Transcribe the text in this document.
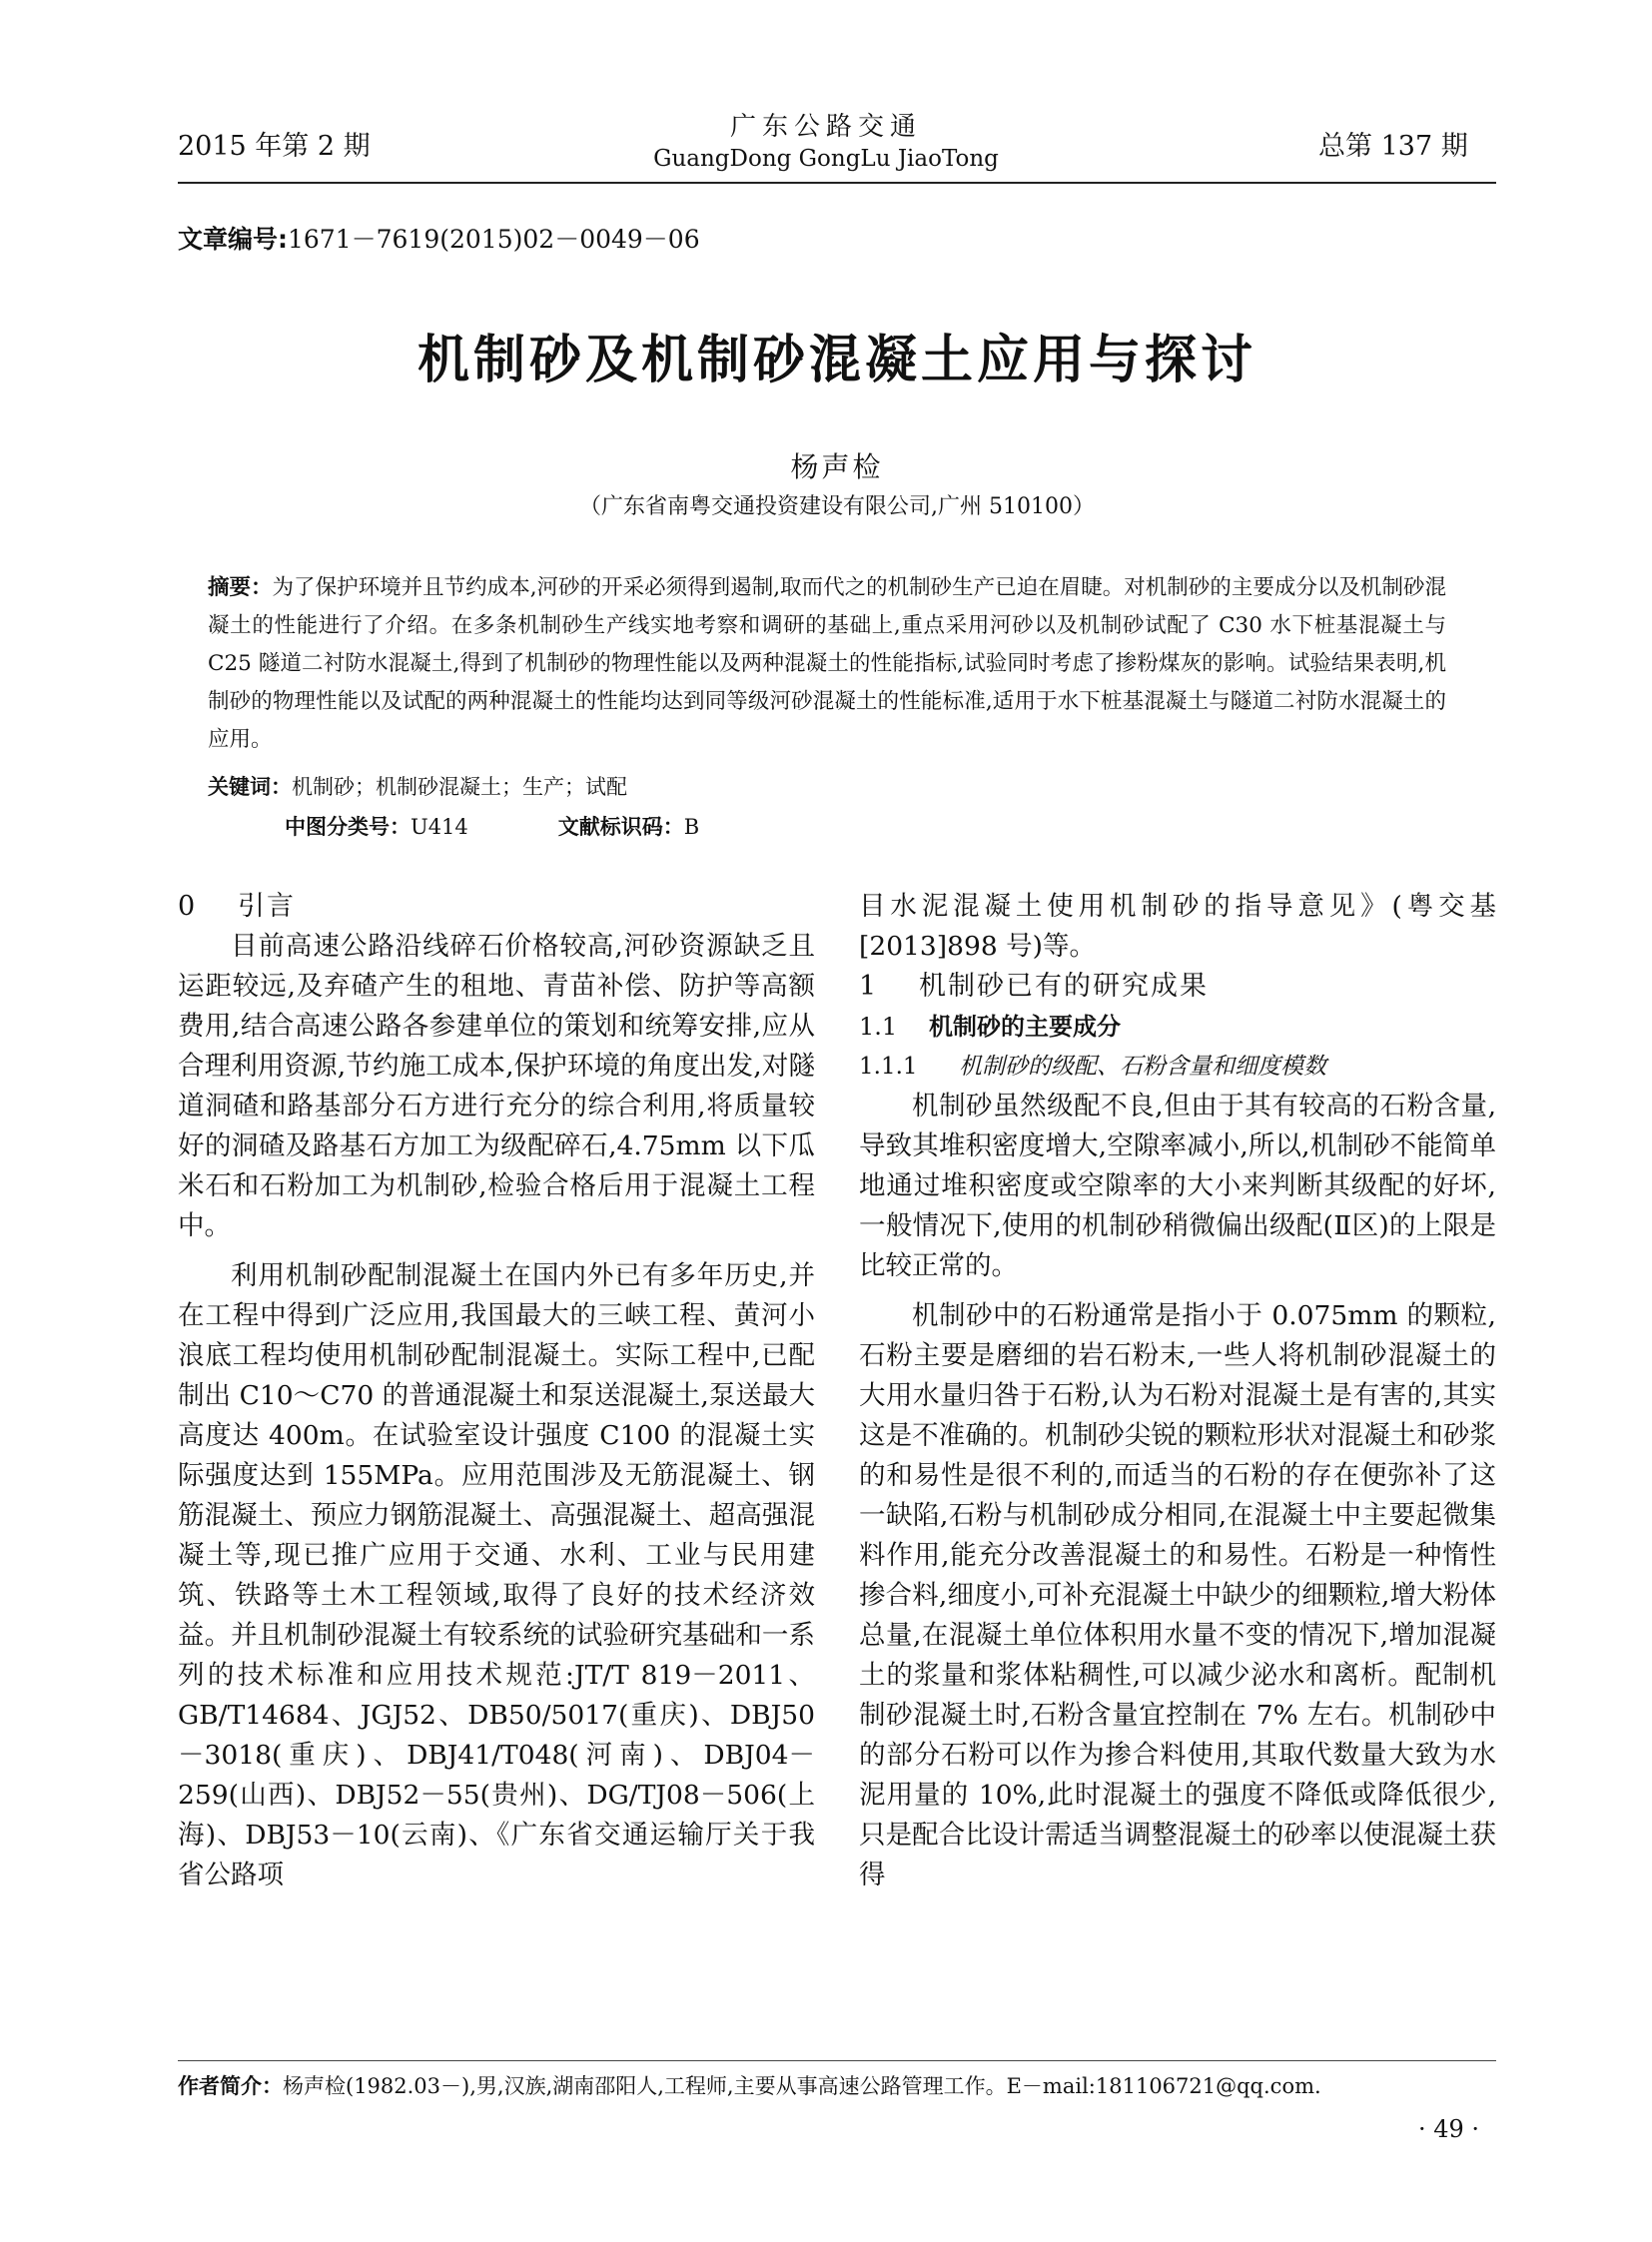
2015 年第 2 期
广东公路交通
GuangDong GongLu JiaoTong	总第 137 期
文章编号:1671－7619(2015)02－0049－06
机制砂及机制砂混凝土应用与探讨
杨声检
（广东省南粤交通投资建设有限公司,广州 510100）
摘要：为了保护环境并且节约成本,河砂的开采必须得到遏制,取而代之的机制砂生产已迫在眉睫。对机制砂的主要成分以及机制砂混凝土的性能进行了介绍。在多条机制砂生产线实地考察和调研的基础上,重点采用河砂以及机制砂试配了 C30 水下桩基混凝土与 C25 隧道二衬防水混凝土,得到了机制砂的物理性能以及两种混凝土的性能指标,试验同时考虑了掺粉煤灰的影响。试验结果表明,机制砂的物理性能以及试配的两种混凝土的性能均达到同等级河砂混凝土的性能标准,适用于水下桩基混凝土与隧道二衬防水混凝土的应用。
关键词：机制砂；机制砂混凝土；生产；试配
中图分类号：U414	文献标识码：B
0 引言

目前高速公路沿线碎石价格较高,河砂资源缺乏且运距较远,及弃碴产生的租地、青苗补偿、防护等高额费用,结合高速公路各参建单位的策划和统筹安排,应从合理利用资源,节约施工成本,保护环境的角度出发,对隧道洞碴和路基部分石方进行充分的综合利用,将质量较好的洞碴及路基石方加工为级配碎石,4.75mm 以下瓜米石和石粉加工为机制砂,检验合格后用于混凝土工程中。

利用机制砂配制混凝土在国内外已有多年历史,并在工程中得到广泛应用,我国最大的三峡工程、黄河小浪底工程均使用机制砂配制混凝土。实际工程中,已配制出 C10～C70 的普通混凝土和泵送混凝土,泵送最大高度达 400m。在试验室设计强度 C100 的混凝土实际强度达到 155MPa。应用范围涉及无筋混凝土、钢筋混凝土、预应力钢筋混凝土、高强混凝土、超高强混凝土等,现已推广应用于交通、水利、工业与民用建筑、铁路等土木工程领域,取得了良好的技术经济效益。并且机制砂混凝土有较系统的试验研究基础和一系列的技术标准和应用技术规范:JT/T 819－2011、GB/T14684、JGJ52、DB50/5017(重庆)、DBJ50－3018(重庆)、DBJ41/T048(河南)、DBJ04－259(山西)、DBJ52－55(贵州)、DG/TJ08－506(上海)、DBJ53－10(云南)、《广东省交通运输厅关于我省公路项

目水泥混凝土使用机制砂的指导意见》(粤交基[2013]898 号)等。

1 机制砂已有的研究成果
1.1 机制砂的主要成分
1.1.1 机制砂的级配、石粉含量和细度模数

机制砂虽然级配不良,但由于其有较高的石粉含量,导致其堆积密度增大,空隙率减小,所以,机制砂不能简单地通过堆积密度或空隙率的大小来判断其级配的好坏,一般情况下,使用的机制砂稍微偏出级配(Ⅱ区)的上限是比较正常的。

机制砂中的石粉通常是指小于 0.075mm 的颗粒,石粉主要是磨细的岩石粉末,一些人将机制砂混凝土的大用水量归咎于石粉,认为石粉对混凝土是有害的,其实这是不准确的。机制砂尖锐的颗粒形状对混凝土和砂浆的和易性是很不利的,而适当的石粉的存在便弥补了这一缺陷,石粉与机制砂成分相同,在混凝土中主要起微集料作用,能充分改善混凝土的和易性。石粉是一种惰性掺合料,细度小,可补充混凝土中缺少的细颗粒,增大粉体总量,在混凝土单位体积用水量不变的情况下,增加混凝土的浆量和浆体粘稠性,可以减少泌水和离析。配制机制砂混凝土时,石粉含量宜控制在 7% 左右。机制砂中的部分石粉可以作为掺合料使用,其取代数量大致为水泥用量的 10%,此时混凝土的强度不降低或降低很少,只是配合比设计需适当调整混凝土的砂率以使混凝土获得

作者简介：杨声检(1982.03－),男,汉族,湖南邵阳人,工程师,主要从事高速公路管理工作。E－mail:181106721@qq.com.
· 49 ·
